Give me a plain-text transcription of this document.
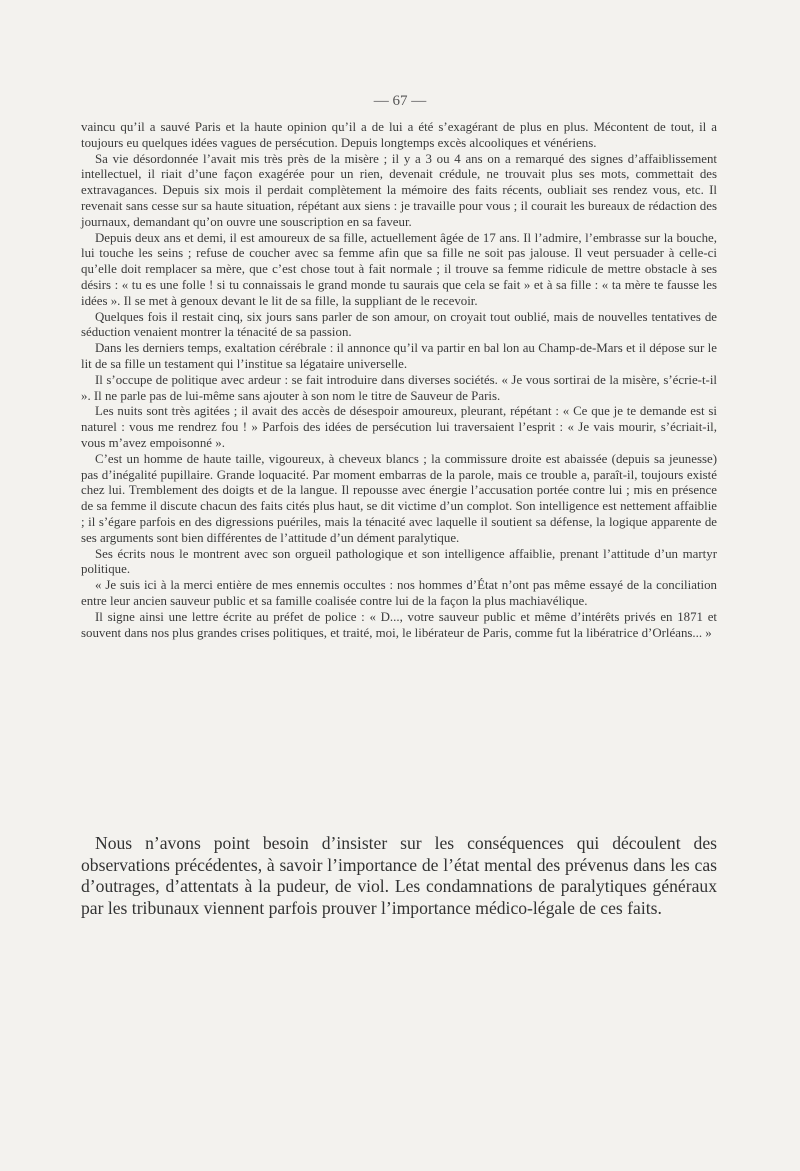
— 67 —

vaincu qu’il a sauvé Paris et la haute opinion qu’il a de lui a été s’exagérant de plus en plus. Mécontent de tout, il a toujours eu quelques idées vagues de persécution. Depuis longtemps excès alcooliques et vénériens.

Sa vie désordonnée l’avait mis très près de la misère ; il y a 3 ou 4 ans on a remarqué des signes d’affaiblissement intellectuel, il riait d’une façon exagérée pour un rien, devenait crédule, ne trouvait plus ses mots, commettait des extravagances. Depuis six mois il perdait complètement la mémoire des faits récents, oubliait ses rendez vous, etc. Il revenait sans cesse sur sa haute situation, répétant aux siens : je travaille pour vous ; il courait les bureaux de rédaction des journaux, demandant qu’on ouvre une souscription en sa faveur.

Depuis deux ans et demi, il est amoureux de sa fille, actuellement âgée de 17 ans. Il l’admire, l’embrasse sur la bouche, lui touche les seins ; refuse de coucher avec sa femme afin que sa fille ne soit pas jalouse. Il veut persuader à celle-ci qu’elle doit remplacer sa mère, que c’est chose tout à fait normale ; il trouve sa femme ridicule de mettre obstacle à ses désirs : « tu es une folle ! si tu connaissais le grand monde tu saurais que cela se fait » et à sa fille : « ta mère te fausse les idées ». Il se met à genoux devant le lit de sa fille, la suppliant de le recevoir.

Quelques fois il restait cinq, six jours sans parler de son amour, on croyait tout oublié, mais de nouvelles tentatives de séduction venaient montrer la ténacité de sa passion.

Dans les derniers temps, exaltation cérébrale : il annonce qu’il va partir en bal lon au Champ-de-Mars et il dépose sur le lit de sa fille un testament qui l’institue sa légataire universelle.

Il s’occupe de politique avec ardeur : se fait introduire dans diverses sociétés. « Je vous sortirai de la misère, s’écrie-t-il ». Il ne parle pas de lui-même sans ajouter à son nom le titre de Sauveur de Paris.

Les nuits sont très agitées ; il avait des accès de désespoir amoureux, pleurant, répétant : « Ce que je te demande est si naturel : vous me rendrez fou ! » Parfois des idées de persécution lui traversaient l’esprit : « Je vais mourir, s’écriait-il, vous m’avez empoisonné ».

C’est un homme de haute taille, vigoureux, à cheveux blancs ; la commissure droite est abaissée (depuis sa jeunesse) pas d’inégalité pupillaire. Grande loquacité. Par moment embarras de la parole, mais ce trouble a, paraît-il, toujours existé chez lui. Tremblement des doigts et de la langue. Il repousse avec énergie l’accusation portée contre lui ; mis en présence de sa femme il discute chacun des faits cités plus haut, se dit victime d’un complot. Son intelligence est nettement affaiblie ; il s’égare parfois en des digressions puériles, mais la ténacité avec laquelle il soutient sa défense, la logique apparente de ses arguments sont bien différentes de l’attitude d’un dément paralytique.

Ses écrits nous le montrent avec son orgueil pathologique et son intelligence affaiblie, prenant l’attitude d’un martyr politique.

« Je suis ici à la merci entière de mes ennemis occultes : nos hommes d’État n’ont pas même essayé de la conciliation entre leur ancien sauveur public et sa famille coalisée contre lui de la façon la plus machiavélique.

Il signe ainsi une lettre écrite au préfet de police : « D..., votre sauveur public et même d’intérêts privés en 1871 et souvent dans nos plus grandes crises politiques, et traité, moi, le libérateur de Paris, comme fut la libératrice d’Orléans... »

Nous n’avons point besoin d’insister sur les conséquences qui découlent des observations précédentes, à savoir l’importance de l’état mental des prévenus dans les cas d’outrages, d’attentats à la pudeur, de viol. Les condamnations de paralytiques généraux par les tribunaux viennent parfois prouver l’importance médico-légale de ces faits.
